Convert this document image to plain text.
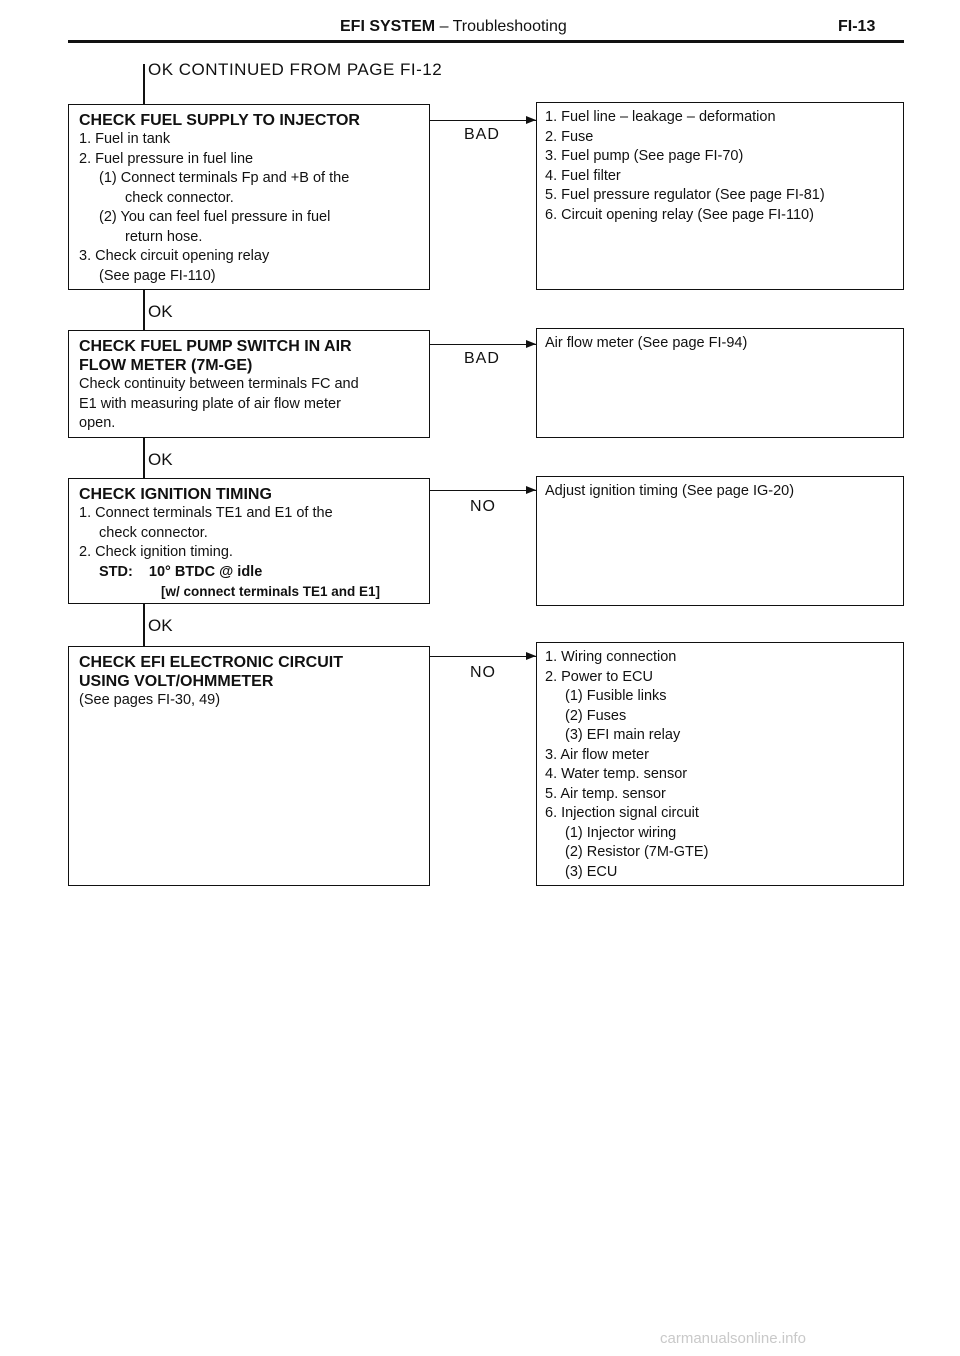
EFI SYSTEM – Troubleshooting	FI-13
OK CONTINUED FROM PAGE FI-12
CHECK FUEL SUPPLY TO INJECTOR
1. Fuel in tank
2. Fuel pressure in fuel line
(1) Connect terminals Fp and +B of the
check connector.
(2) You can feel fuel pressure in fuel
return hose.
3. Check circuit opening relay
(See page FI-110)
BAD
1. Fuel line – leakage – deformation
2. Fuse
3. Fuel pump (See page FI-70)
4. Fuel filter
5. Fuel pressure regulator (See page FI-81)
6. Circuit opening relay (See page FI-110)
OK
CHECK FUEL PUMP SWITCH IN AIR
FLOW METER (7M-GE)
Check continuity between terminals FC and
E1 with measuring plate of air flow meter
open.
BAD
Air flow meter (See page FI-94)
OK
CHECK IGNITION TIMING
1. Connect terminals TE1 and E1 of the
check connector.
2. Check ignition timing.
STD: 10° BTDC @ idle
[w/ connect terminals TE1 and E1]
NO
Adjust ignition timing (See page IG-20)
OK
CHECK EFI ELECTRONIC CIRCUIT
USING VOLT/OHMMETER
(See pages FI-30, 49)
NO
1. Wiring connection
2. Power to ECU
(1) Fusible links
(2) Fuses
(3) EFI main relay
3. Air flow meter
4. Water temp. sensor
5. Air temp. sensor
6. Injection signal circuit
(1) Injector wiring
(2) Resistor (7M-GTE)
(3) ECU
carmanualsonline.info
